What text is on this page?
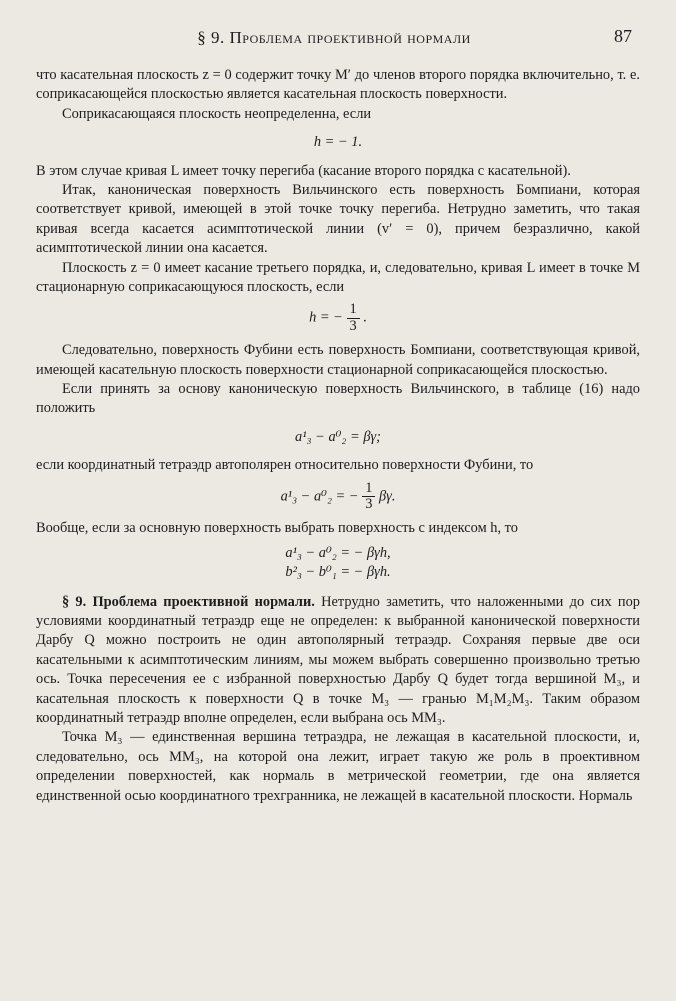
§ 9. Проблема проективной нормали	87

что касательная плоскость z = 0 содержит точку M′ до членов второго порядка включительно, т. е. соприкасающейся плоскостью является касательная плоскость поверхности.

Соприкасающаяся плоскость неопределенна, если

h = − 1.

В этом случае кривая L имеет точку перегиба (касание второго порядка с касательной).

Итак, каноническая поверхность Вильчинского есть поверхность Бомпиани, которая соответствует кривой, имеющей в этой точке точку перегиба. Нетрудно заметить, что такая кривая всегда касается асимптотической линии (v′ = 0), причем безразлично, какой асимптотической линии она касается.

Плоскость z = 0 имеет касание третьего порядка, и, следовательно, кривая L имеет в точке M стационарную соприкасающуюся плоскость, если

h = − $\frac{1}{3}$ .

Следовательно, поверхность Фубини есть поверхность Бомпиани, соответствующая кривой, имеющей касательную плоскость поверхности стационарной соприкасающейся плоскостью.

Если принять за основу каноническую поверхность Вильчинского, в таблице (16) надо положить

a¹₃ − a⁰₂ = βγ;

если координатный тетраэдр автополярен относительно поверхности Фубини, то

a¹₃ − a⁰₂ = − $\frac{1}{3} \beta\gamma$.

Вообще, если за основную поверхность выбрать поверхность с индексом h, то

a¹₃ − a⁰₂ = − βγh,
b²₃ − b⁰₁ = − βγh.

§ 9. Проблема проективной нормали. Нетрудно заметить, что наложенными до сих пор условиями координатный тетраэдр еще не определен: к выбранной канонической поверхности Дарбу Q можно построить не один автополярный тетраэдр. Сохраняя первые две оси касательными к асимптотическим линиям, мы можем выбрать совершенно произвольно третью ось. Точка пересечения ее с избранной поверхностью Дарбу Q будет тогда вершиной M₃, и касательная плоскость к поверхности Q в точке M₃ — гранью M₁M₂M₃. Таким образом координатный тетраэдр вполне определен, если выбрана ось MM₃.

Точка M₃ — единственная вершина тетраэдра, не лежащая в касательной плоскости, и, следовательно, ось MM₃, на которой она лежит, играет такую же роль в проективном определении поверхностей, как нормаль в метрической геометрии, где она является единственной осью координатного трехгранника, не лежащей в касательной плоскости. Нормаль
